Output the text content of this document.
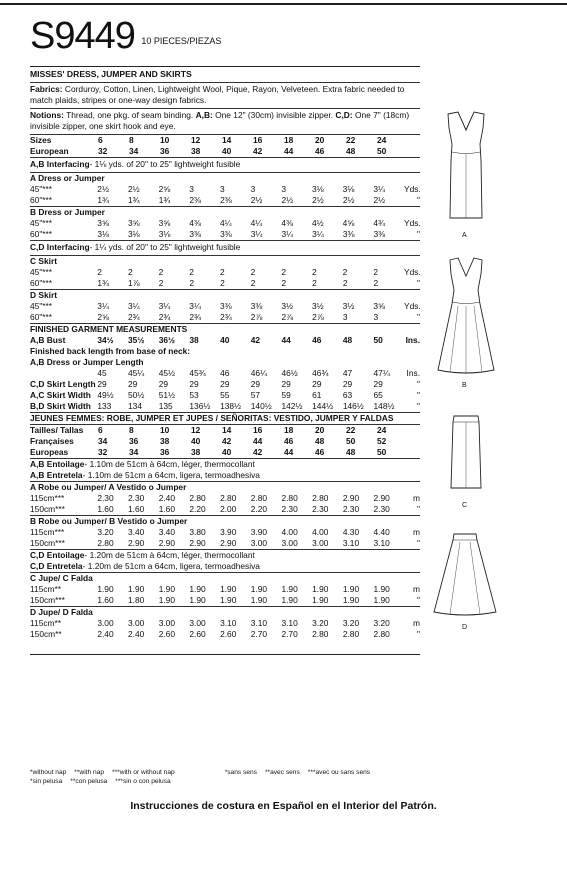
S9449 10 PIECES/PIEZAS
MISSES' DRESS, JUMPER AND SKIRTS
Fabrics: Corduroy, Cotton, Linen, Lightweight Wool, Pique, Rayon, Velveteen. Extra fabric needed to match plaids, stripes or one-way design fabrics.
Notions: Thread, one pkg. of seam binding. A,B: One 12" (30cm) invisible zipper. C,D: One 7" (18cm) invisible zipper, one skirt hook and eye.
Sizes	6	8	10	12	14	16	18	20	22	24
European	32	34	36	38	40	42	44	46	48	50
A,B Interfacing- 1⅛ yds. of 20" to 25" lightweight fusible
A Dress or Jumper
45"***	2½	2½	2⅝	3	3	3	3	3⅛	3⅛	3¼	Yds.
60"***	1¾	1¾	1¾	2⅜	2⅜	2½	2½	2½	2½	2½	"
B Dress or Jumper
45"***	3⅝	3⅝	3⅝	4⅜	4¼	4¼	4⅜	4½	4⅝	4¾	Yds.
60"***	3⅛	3⅛	3⅛	3⅜	3⅜	3¼	3¼	3¼	3⅜	3⅜	"
C,D Interfacing- 1¼ yds. of 20" to 25" lightweight fusible
C Skirt
45"***	2	2	2	2	2	2	2	2	2	2	Yds.
60"***	1¾	1⅞	2	2	2	2	2	2	2	2	"
D Skirt
45"***	3¼	3¼	3¼	3¼	3⅜	3⅜	3½	3½	3½	3⅝	Yds.
60"***	2⅝	2¾	2¾	2¾	2¾	2⅞	2⅞	2⅞	3	3	"
FINISHED GARMENT MEASUREMENTS
A,B Bust	34½	35½	36½	38	40	42	44	46	48	50	Ins.
Finished back length from base of neck:
A,B Dress or Jumper Length
45	45¼	45½	45¾	46	46¼	46½	46¾	47	47¼	Ins.
C,D Skirt Length 29	29	29	29	29	29	29	29	29	29	"
A,C Skirt Width 49½	50½	51½	53	55	57	59	61	63	65	"
B,D Skirt Width 133	134	135	136½	138½	140½	142½	144½	146½	148½	"
JEUNES FEMMES: ROBE, JUMPER ET JUPES / SEÑORITAS: VESTIDO, JUMPER Y FALDAS
Tailles/ Tallas	6	8	10	12	14	16	18	20	22	24
Françaises	34	36	38	40	42	44	46	48	50	52
Europeas	32	34	36	38	40	42	44	46	48	50
A,B Entoilage- 1.10m de 51cm à 64cm, léger, thermocollant
A,B Entretela- 1.10m de 51cm a 64cm, ligera, termoadhesiva
A Robe ou Jumper/ A Vestido o Jumper
115cm***	2.30	2.30	2.40	2.80	2.80	2.80	2.80	2.80	2.90	2.90	m
150cm***	1.60	1.60	1.60	2.20	2.00	2.20	2.30	2.30	2.30	2.30	"
B Robe ou Jumper/ B Vestido o Jumper
115cm***	3.20	3.40	3.40	3.80	3.90	3.90	4.00	4.00	4.30	4.40	m
150cm***	2.80	2.90	2.90	2.90	2.90	3.00	3.00	3.00	3.10	3.10	"
C,D Entoilage- 1.20m de 51cm à 64cm, léger, thermocollant
C,D Entretela- 1.20m de 51cm a 64cm, ligera, termoadhesiva
C Jupe/ C Falda
115cm**	1.90	1.90	1.90	1.90	1.90	1.90	1.90	1.90	1.90	1.90	m
150cm***	1.60	1.80	1.90	1.90	1.90	1.90	1.90	1.90	1.90	1.90	"
D Jupe/ D Falda
115cm**	3.00	3.00	3.00	3.00	3.10	3.10	3.10	3.20	3.20	3.20	m
150cm**	2.40	2.40	2.60	2.60	2.60	2.70	2.70	2.80	2.80	2.80	"
*without nap **with nap ***with or without nap	*sans sens **avec sens ***avec ou sans sens
*sin pelusa **con pelusa ***sin o con pelusa
Instrucciones de costura en Español en el Interior del Patrón.
A
B
C
D
